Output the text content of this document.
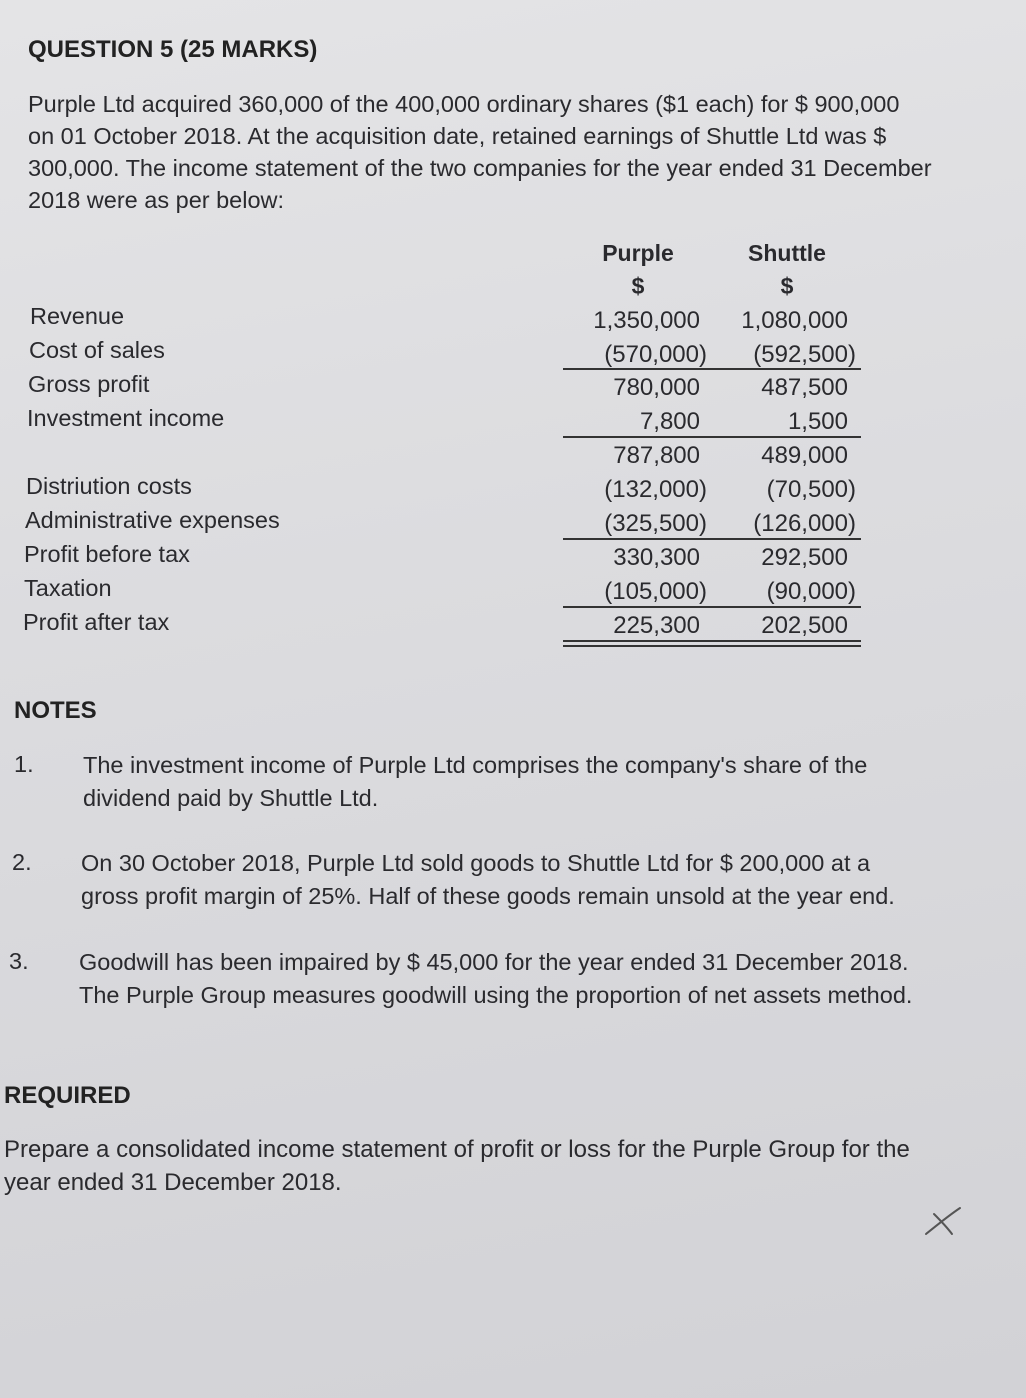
QUESTION 5 (25 MARKS)
Purple Ltd acquired 360,000 of the 400,000 ordinary shares ($1 each) for $ 900,000
on 01 October 2018. At the acquisition date, retained earnings of Shuttle Ltd was $
300,000. The income statement of the two companies for the year ended 31 December
2018 were as per below:
Purple	Shuttle
$	$
Revenue	1,350,000	1,080,000
Cost of sales	(570,000)	(592,500)
Gross profit	780,000	487,500
Investment income	7,800	1,500
787,800	489,000
Distriution costs	(132,000)	(70,500)
Administrative expenses	(325,500)	(126,000)
Profit before tax	330,300	292,500
Taxation	(105,000)	(90,000)
Profit after tax	225,300	202,500
NOTES
1. The investment income of Purple Ltd comprises the company's share of the
dividend paid by Shuttle Ltd.
2. On 30 October 2018, Purple Ltd sold goods to Shuttle Ltd for $ 200,000 at a
gross profit margin of 25%. Half of these goods remain unsold at the year end.
3. Goodwill has been impaired by $ 45,000 for the year ended 31 December 2018.
The Purple Group measures goodwill using the proportion of net assets method.
REQUIRED
Prepare a consolidated income statement of profit or loss for the Purple Group for the
year ended 31 December 2018.
